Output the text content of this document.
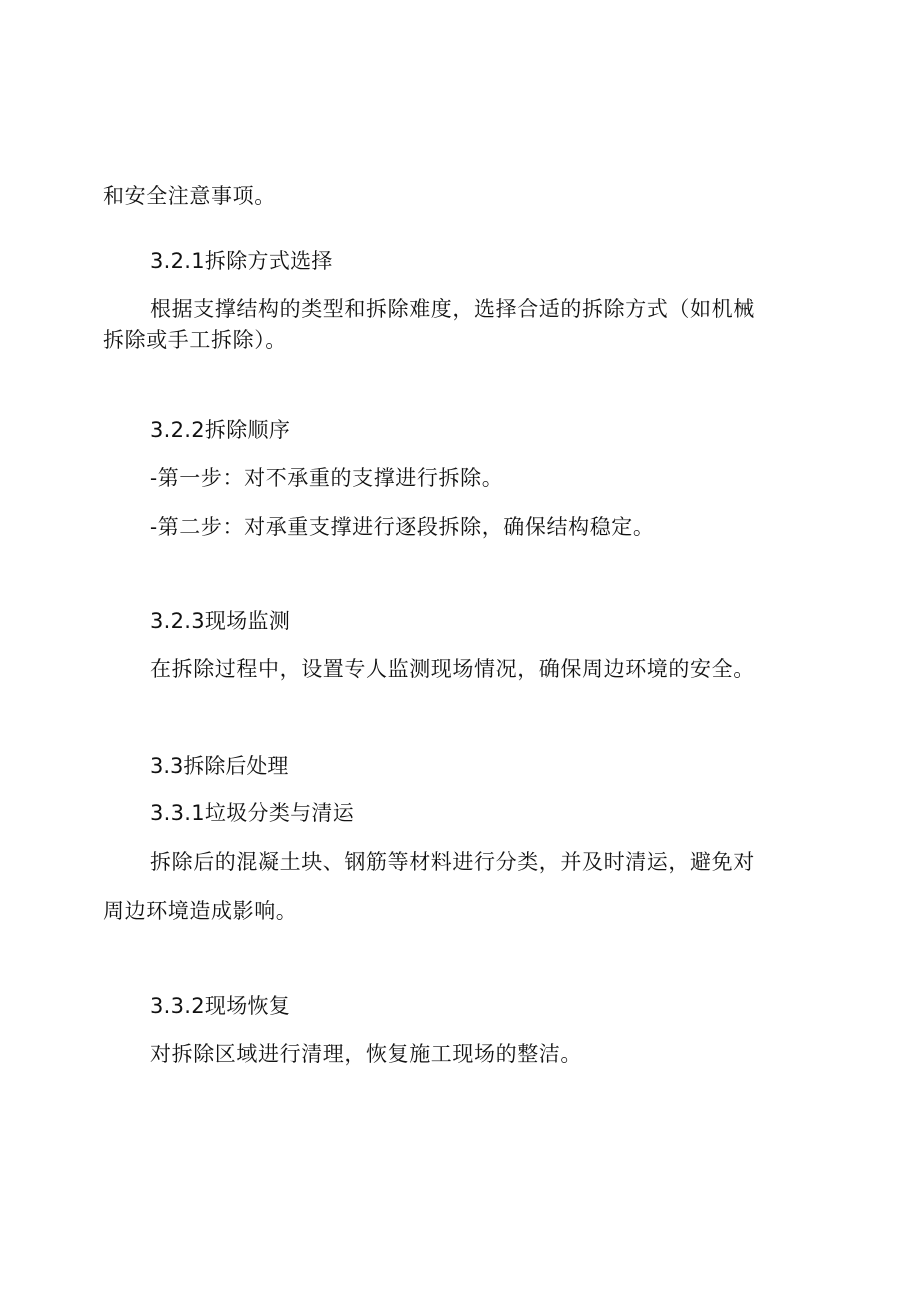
和安全注意事项。

3.2.1拆除方式选择

根据支撑结构的类型和拆除难度，选择合适的拆除方式（如机械

拆除或手工拆除）。

3.2.2拆除顺序

-第一步：对不承重的支撑进行拆除。

-第二步：对承重支撑进行逐段拆除，确保结构稳定。

3.2.3现场监测

在拆除过程中，设置专人监测现场情况，确保周边环境的安全。

3.3拆除后处理

3.3.1垃圾分类与清运

拆除后的混凝土块、钢筋等材料进行分类，并及时清运，避免对

周边环境造成影响。

3.3.2现场恢复

对拆除区域进行清理，恢复施工现场的整洁。
